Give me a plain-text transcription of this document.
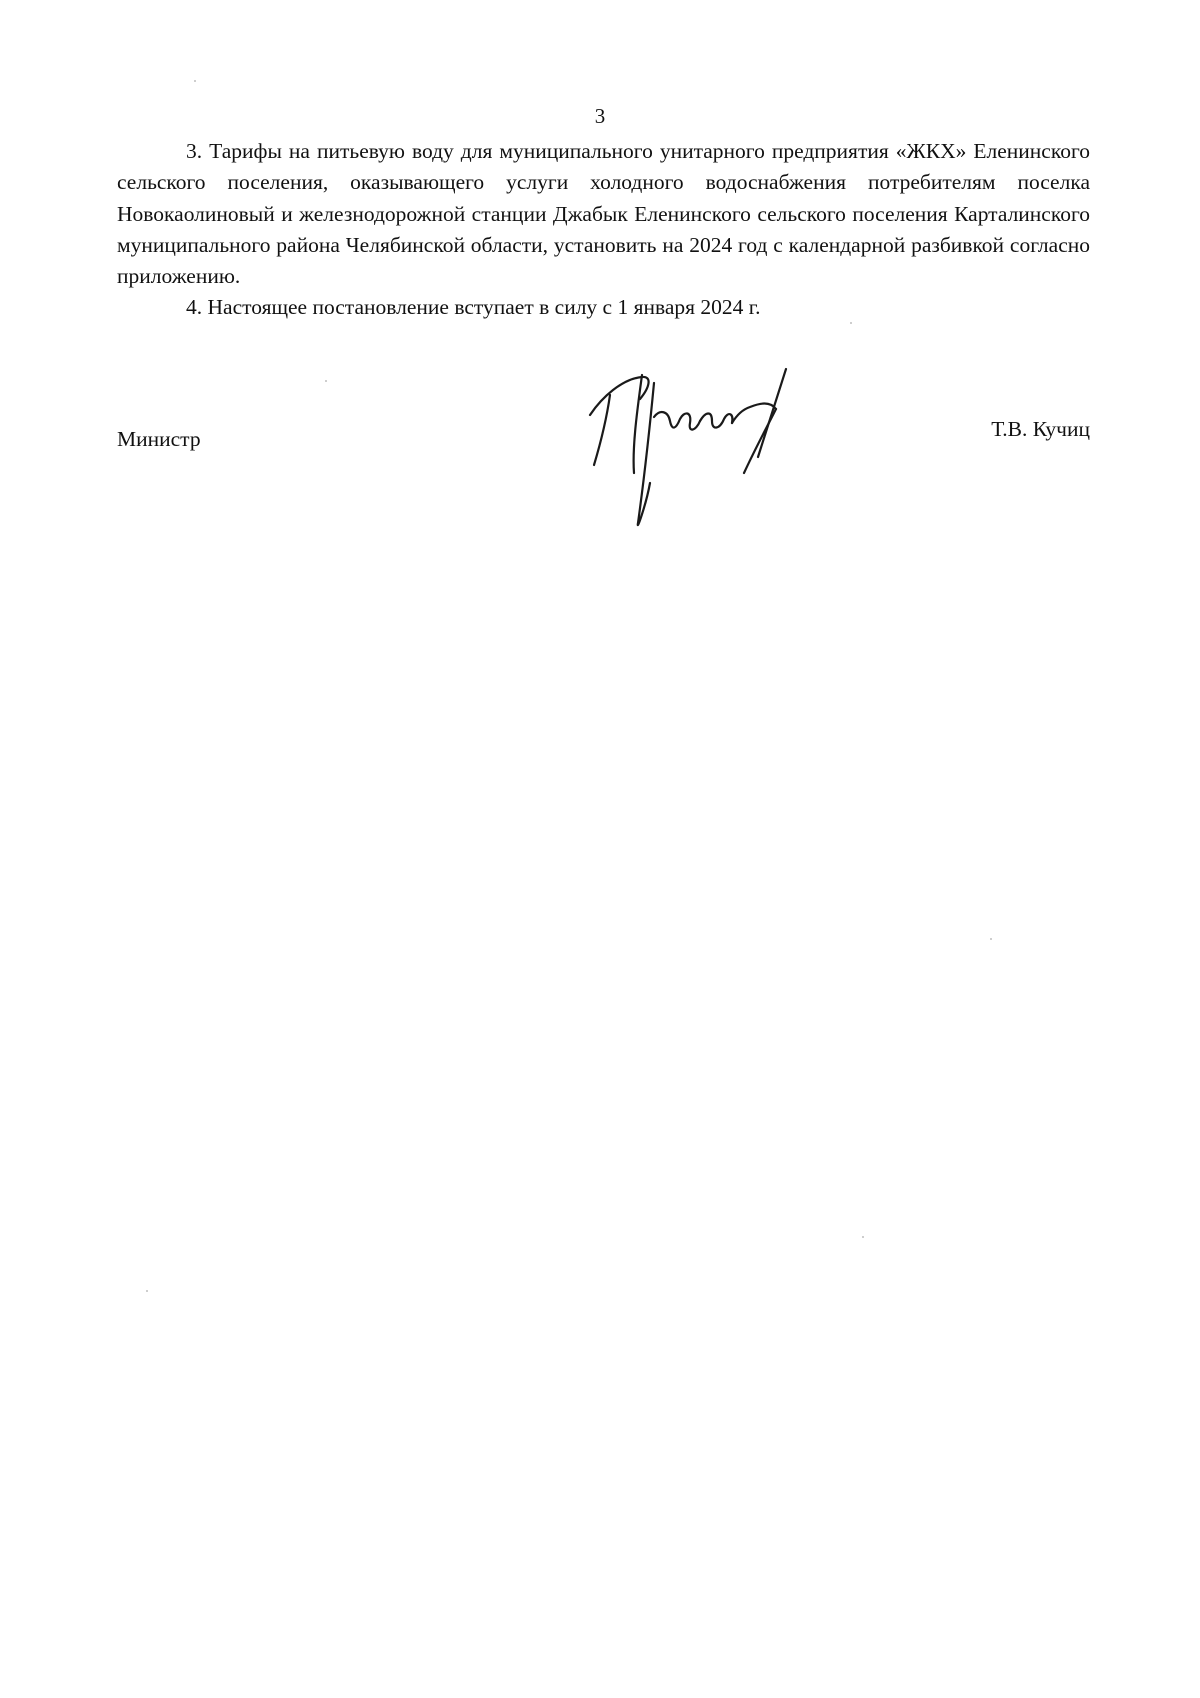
3

3. Тарифы на питьевую воду для муниципального унитарного предприятия «ЖКХ» Еленинского сельского поселения, оказывающего услуги холодного водоснабжения потребителям поселка Новокаолиновый и железнодорожной станции Джабык Еленинского сельского поселения Карталинского муниципального района Челябинской области, установить на 2024 год с календарной разбивкой согласно приложению.

4. Настоящее постановление вступает в силу с 1 января 2024 г.

Министр	Т.В. Кучиц
